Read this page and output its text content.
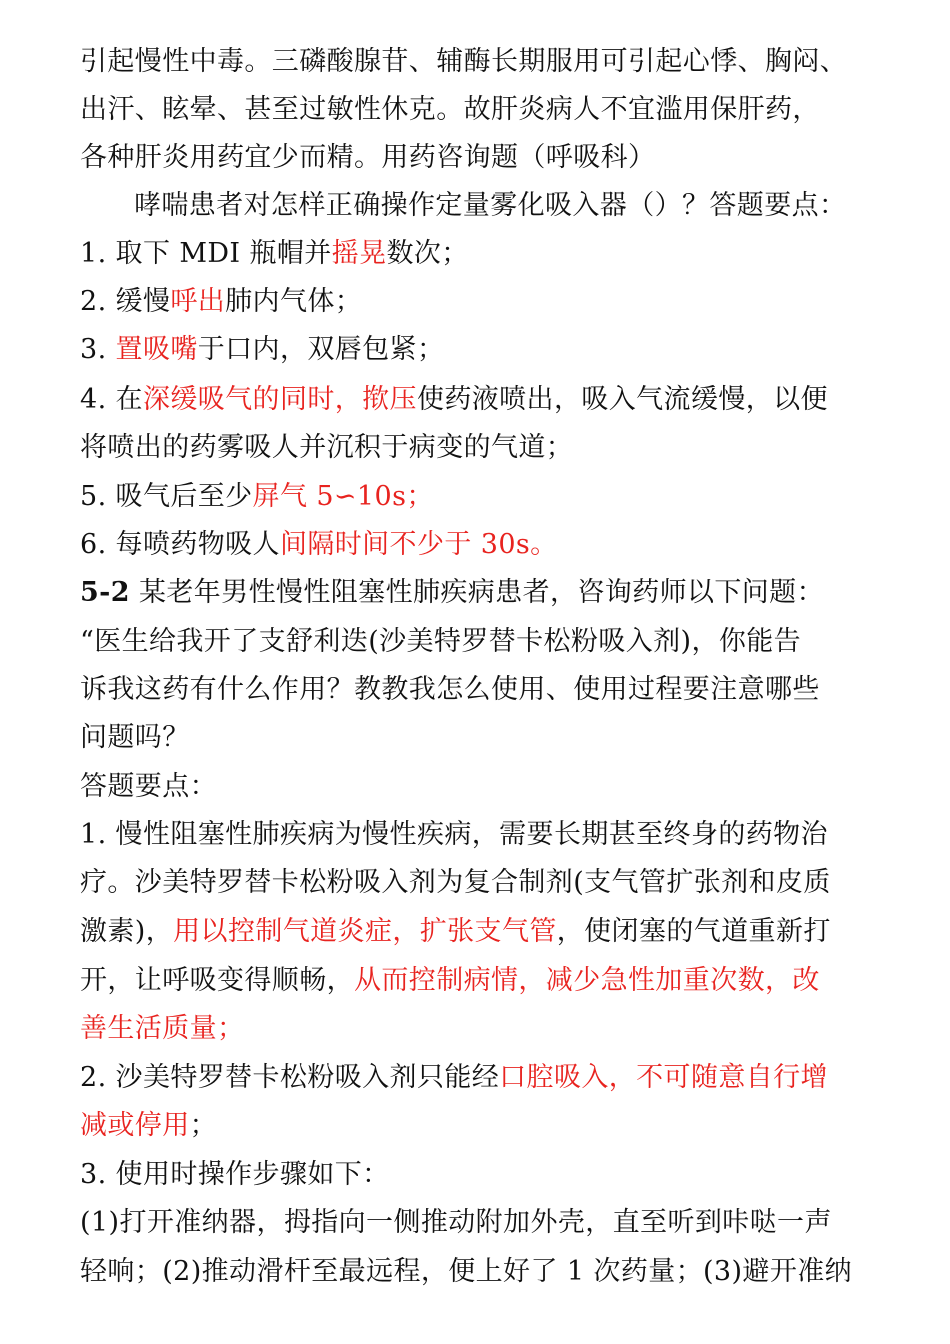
引起慢性中毒。三磷酸腺苷、辅酶长期服用可引起心悸、胸闷、
出汗、眩晕、甚至过敏性休克。故肝炎病人不宜滥用保肝药，
各种肝炎用药宜少而精。用药咨询题（呼吸科）
哮喘患者对怎样正确操作定量雾化吸入器（）？答题要点：
1. 取下 MDI 瓶帽并摇晃数次；
2. 缓慢呼出肺内气体；
3. 置吸嘴于口内，双唇包紧；
4. 在深缓吸气的同时，揿压使药液喷出，吸入气流缓慢，以便
将喷出的药雾吸人并沉积于病变的气道；
5. 吸气后至少屏气 5∽10s；
6. 每喷药物吸人间隔时间不少于 30s。
5-2 某老年男性慢性阻塞性肺疾病患者，咨询药师以下问题：
“医生给我开了支舒利迭(沙美特罗替卡松粉吸入剂)，你能告
诉我这药有什么作用？教教我怎么使用、使用过程要注意哪些
问题吗？
答题要点：
1. 慢性阻塞性肺疾病为慢性疾病，需要长期甚至终身的药物治
疗。沙美特罗替卡松粉吸入剂为复合制剂(支气管扩张剂和皮质
激素)，用以控制气道炎症，扩张支气管，使闭塞的气道重新打
开，让呼吸变得顺畅，从而控制病情，减少急性加重次数，改
善生活质量；
2. 沙美特罗替卡松粉吸入剂只能经口腔吸入，不可随意自行增
减或停用；
3. 使用时操作步骤如下：
(1)打开准纳器，拇指向一侧推动附加外壳，直至听到咔哒一声
轻响；(2)推动滑杆至最远程，便上好了 1 次药量；(3)避开准纳
